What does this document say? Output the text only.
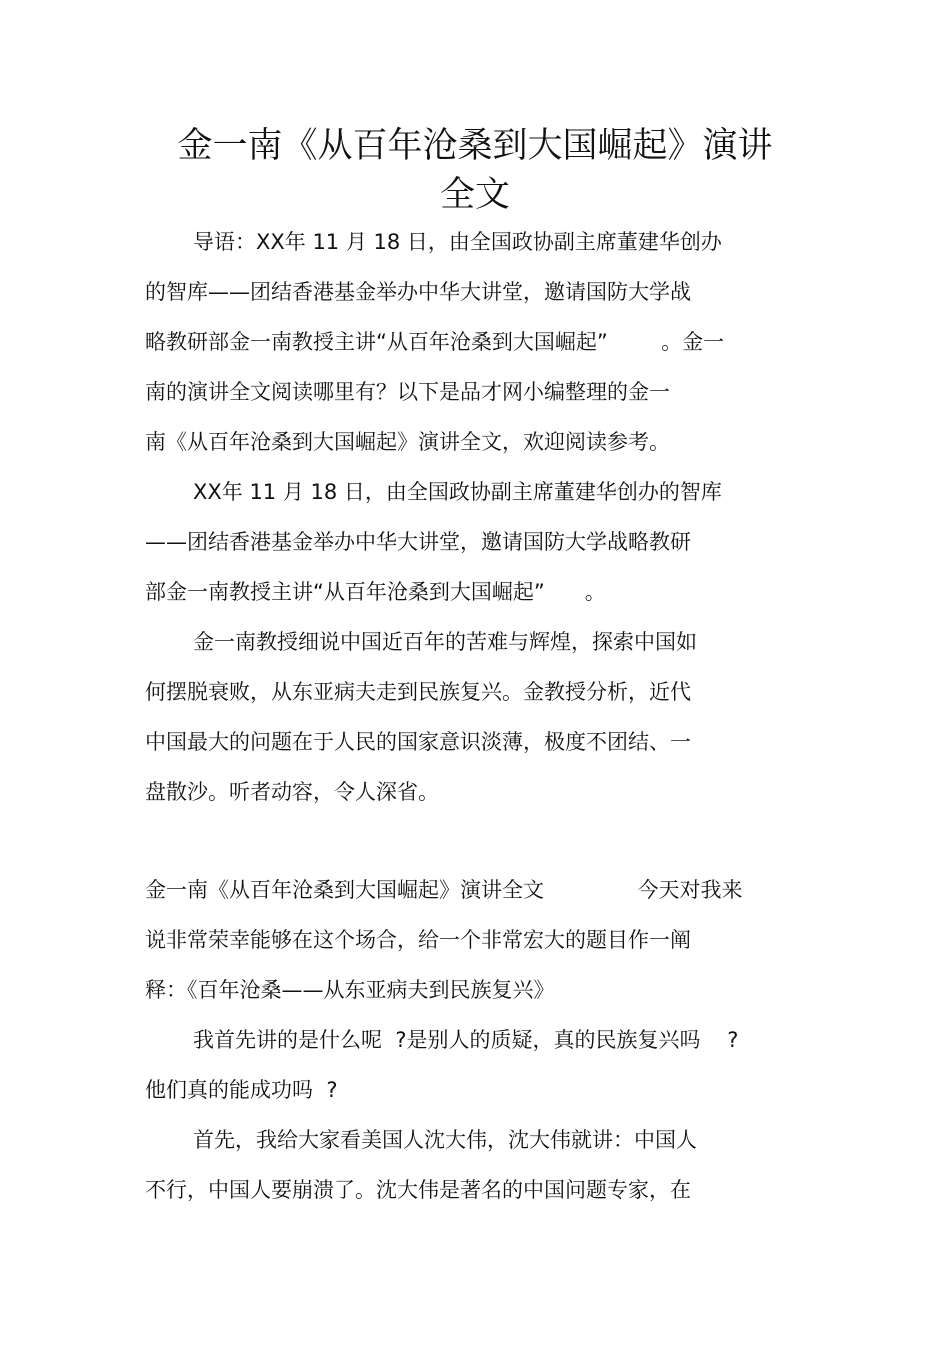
金一南《从百年沧桑到大国崛起》演讲
全文

导语：XX年 11 月 18 日，由全国政协副主席董建华创办

的智库——团结香港基金举办中华大讲堂，邀请国防大学战

略教研部金一南教授主讲“从百年沧桑到大国崛起”        。金一

南的演讲全文阅读哪里有？以下是品才网小编整理的金一

南《从百年沧桑到大国崛起》演讲全文，欢迎阅读参考。

XX年 11 月 18 日，由全国政协副主席董建华创办的智库

——团结香港基金举办中华大讲堂，邀请国防大学战略教研

部金一南教授主讲“从百年沧桑到大国崛起”      。

金一南教授细说中国近百年的苦难与辉煌，探索中国如

何摆脱衰败，从东亚病夫走到民族复兴。金教授分析，近代

中国最大的问题在于人民的国家意识淡薄，极度不团结、一

盘散沙。听者动容，令人深省。

金一南《从百年沧桑到大国崛起》演讲全文              今天对我来

说非常荣幸能够在这个场合，给一个非常宏大的题目作一阐

释：《百年沧桑——从东亚病夫到民族复兴》

我首先讲的是什么呢  ?是别人的质疑，真的民族复兴吗    ?

他们真的能成功吗  ?

首先，我给大家看美国人沈大伟，沈大伟就讲：中国人

不行，中国人要崩溃了。沈大伟是著名的中国问题专家，在
